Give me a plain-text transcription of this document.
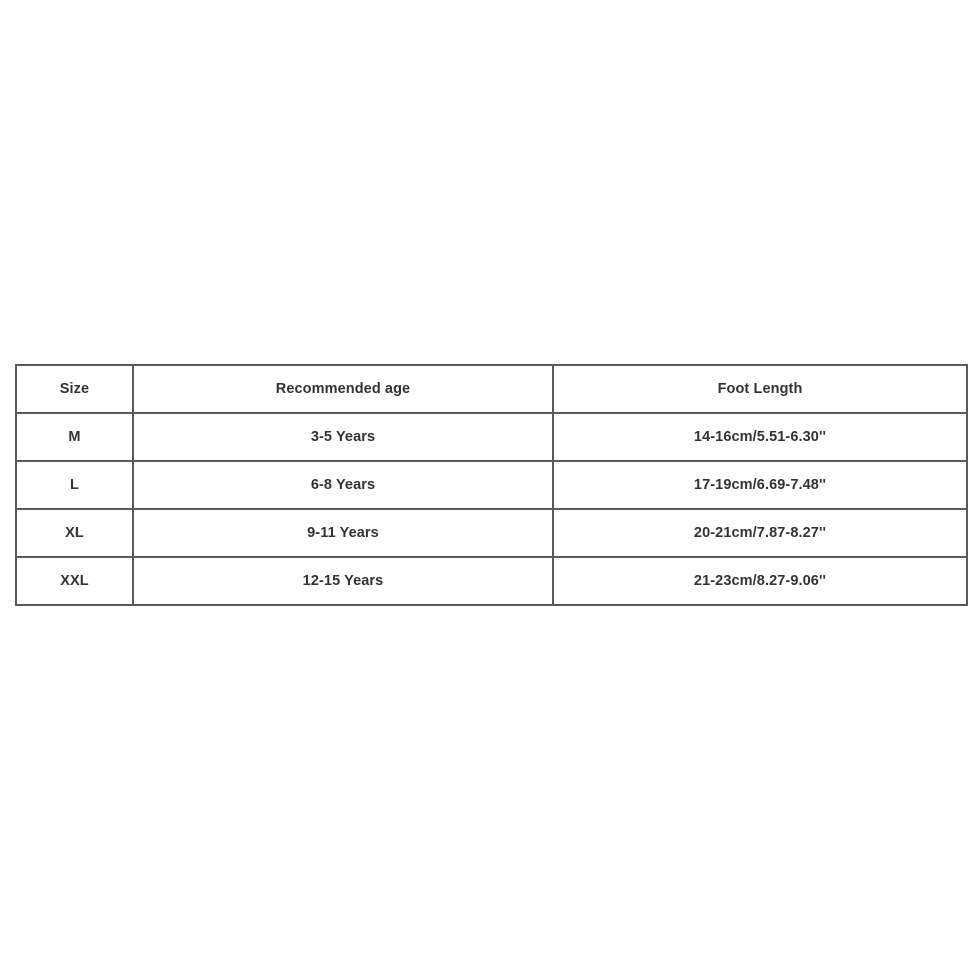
Size	Recommended age	Foot Length
M	3-5 Years	14-16cm/5.51-6.30''
L	6-8 Years	17-19cm/6.69-7.48''
XL	9-11 Years	20-21cm/7.87-8.27''
XXL	12-15 Years	21-23cm/8.27-9.06''
